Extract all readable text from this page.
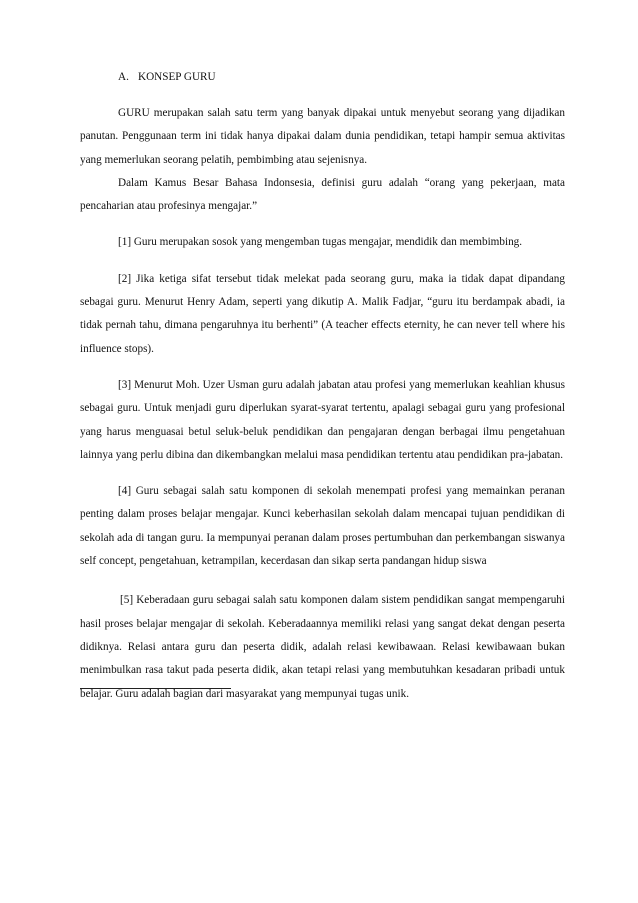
A. KONSEP GURU

GURU merupakan salah satu term yang banyak dipakai untuk menyebut seorang yang dijadikan panutan. Penggunaan term ini tidak hanya dipakai dalam dunia pendidikan, tetapi hampir semua aktivitas yang memerlukan seorang pelatih, pembimbing atau sejenisnya.

Dalam Kamus Besar Bahasa Indonsesia, definisi guru adalah “orang yang pekerjaan, mata pencaharian atau profesinya mengajar.”

[1] Guru merupakan sosok yang mengemban tugas mengajar, mendidik dan membimbing.

[2] Jika ketiga sifat tersebut tidak melekat pada seorang guru, maka ia tidak dapat dipandang sebagai guru. Menurut Henry Adam, seperti yang dikutip A. Malik Fadjar, “guru itu berdampak abadi, ia tidak pernah tahu, dimana pengaruhnya itu berhenti” (A teacher effects eternity, he can never tell where his influence stops).

[3] Menurut Moh. Uzer Usman guru adalah jabatan atau profesi yang memerlukan keahlian khusus sebagai guru. Untuk menjadi guru diperlukan syarat-syarat tertentu, apalagi sebagai guru yang profesional yang harus menguasai betul seluk-beluk pendidikan dan pengajaran dengan berbagai ilmu pengetahuan lainnya yang perlu dibina dan dikembangkan melalui masa pendidikan tertentu atau pendidikan pra-jabatan.

[4] Guru sebagai salah satu komponen di sekolah menempati profesi yang memainkan peranan penting dalam proses belajar mengajar. Kunci keberhasilan sekolah dalam mencapai tujuan pendidikan di sekolah ada di tangan guru. Ia mempunyai peranan dalam proses pertumbuhan dan perkembangan siswanya self concept, pengetahuan, ketrampilan, kecerdasan dan sikap serta pandangan hidup siswa

[5] Keberadaan guru sebagai salah satu komponen dalam sistem pendidikan sangat mempengaruhi hasil proses belajar mengajar di sekolah. Keberadaannya memiliki relasi yang sangat dekat dengan peserta didiknya. Relasi antara guru dan peserta didik, adalah relasi kewibawaan. Relasi kewibawaan bukan menimbulkan rasa takut pada peserta didik, akan tetapi relasi yang membutuhkan kesadaran pribadi untuk belajar. Guru adalah bagian dari masyarakat yang mempunyai tugas unik.
